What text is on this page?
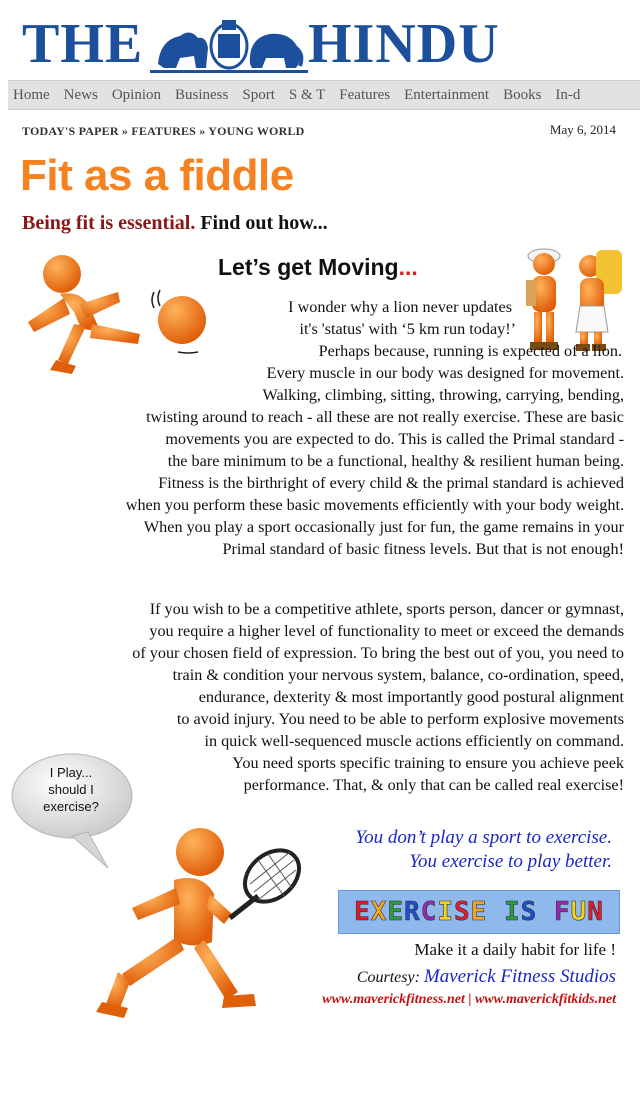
THE	HINDU
Home News Opinion Business Sport S & T Features Entertainment Books In-d
TODAY'S PAPER » FEATURES » YOUNG WORLD	May 6, 2014
Fit as a fiddle
Being fit is essential. Find out how...
Let’s get Moving...
I wonder why a lion never updates
it's 'status' with ‘5 km run today!’
Perhaps because, running is expected of a lion.
Every muscle in our body was designed for movement.
Walking, climbing, sitting, throwing, carrying, bending,
twisting around to reach - all these are not really exercise. These are basic
movements you are expected to do. This is called the Primal standard -
the bare minimum to be a functional, healthy & resilient human being.
Fitness is the birthright of every child & the primal standard is achieved
when you perform these basic movements efficiently with your body weight.
When you play a sport occasionally just for fun, the game remains in your
Primal standard of basic fitness levels. But that is not enough!
If you wish to be a competitive athlete, sports person, dancer or gymnast,
you require a higher level of functionality to meet or exceed the demands
of your chosen field of expression. To bring the best out of you, you need to
train & condition your nervous system, balance, co-ordination, speed,
endurance, dexterity & most importantly good postural alignment
to avoid injury. You need to be able to perform explosive movements
in quick well-sequenced muscle actions efficiently on command.
You need sports specific training to ensure you achieve peek
performance. That, & only that can be called real exercise!
I Play...
should I
exercise?
You don’t play a sport to exercise.
You exercise to play better.
EXERCISE IS FUN
Make it a daily habit for life !
Courtesy: Maverick Fitness Studios
www.maverickfitness.net | www.maverickfitkids.net
